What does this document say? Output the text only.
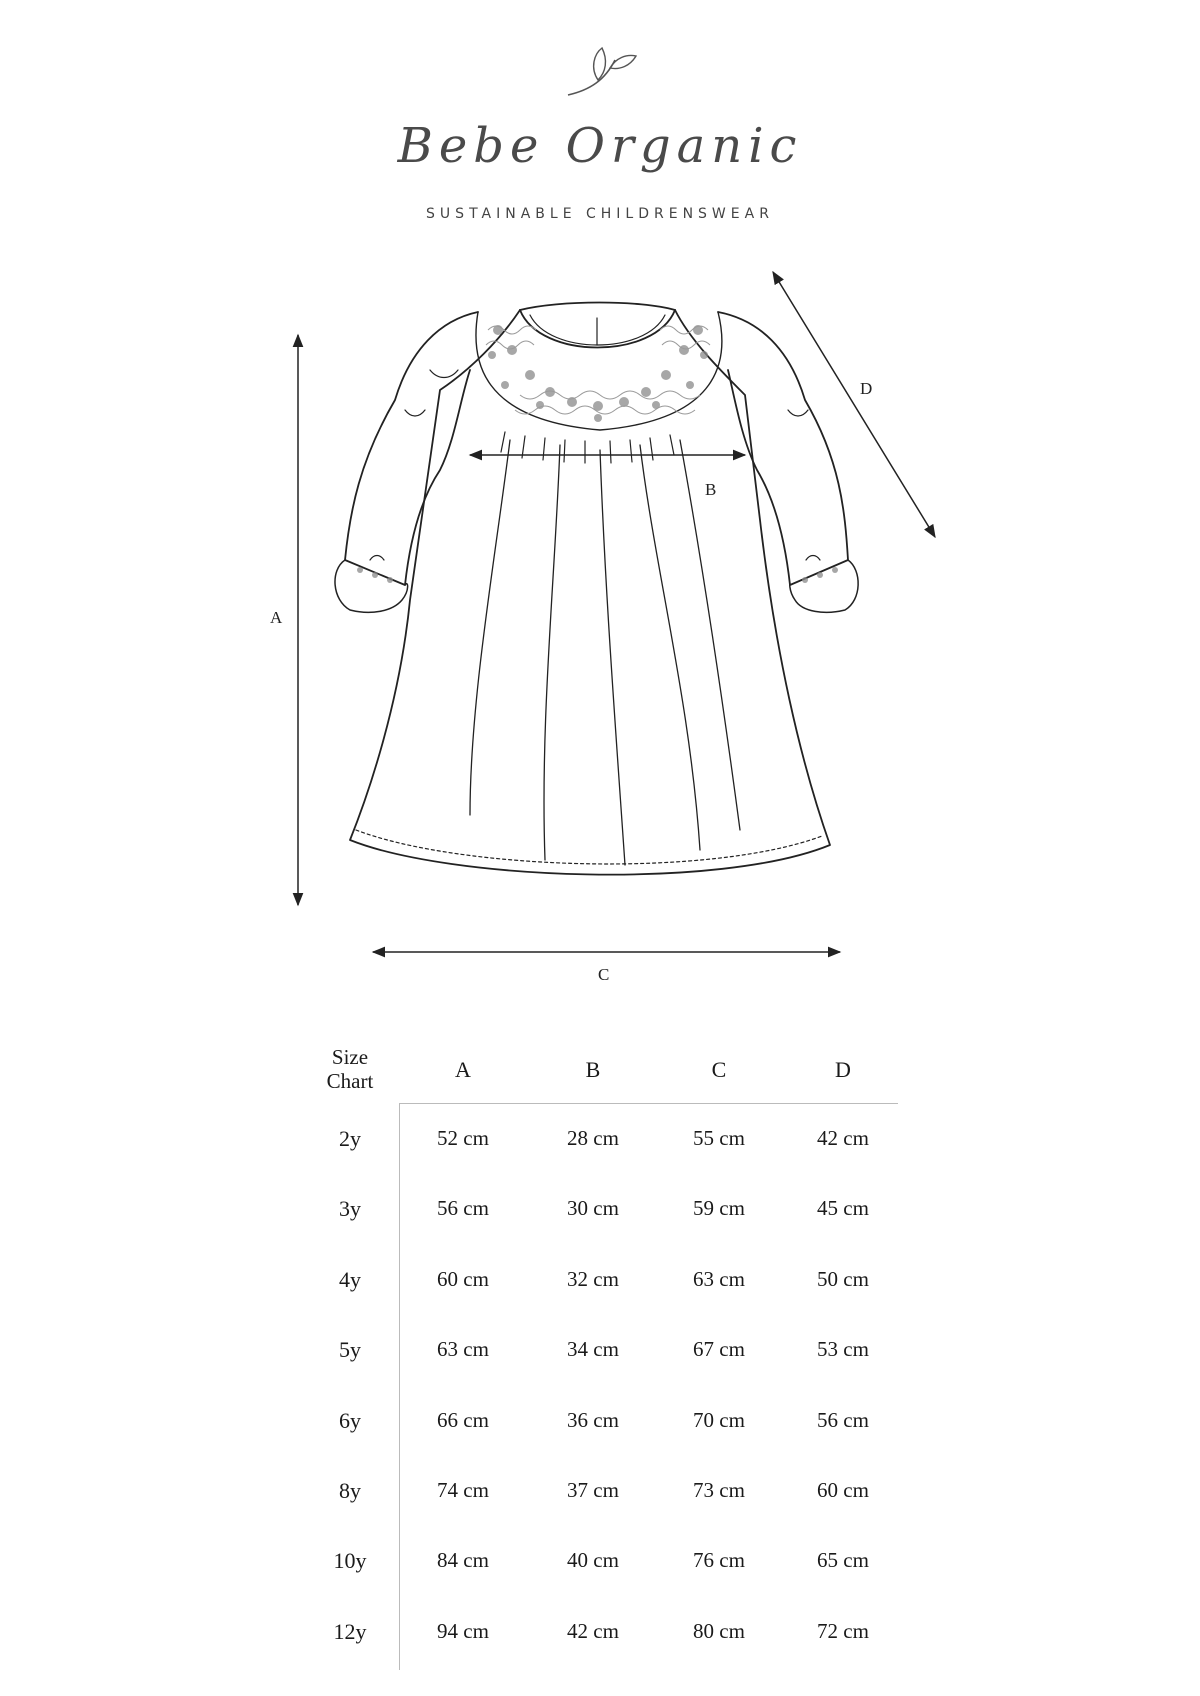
Bebe Organic
SUSTAINABLE CHILDRENSWEAR
A
B
C
D
Size
Chart	A	B	C	D
2y	52 cm	28 cm	55 cm	42 cm
3y	56 cm	30 cm	59 cm	45 cm
4y	60 cm	32 cm	63 cm	50 cm
5y	63 cm	34 cm	67 cm	53 cm
6y	66 cm	36 cm	70 cm	56 cm
8y	74 cm	37 cm	73 cm	60 cm
10y	84 cm	40 cm	76 cm	65 cm
12y	94 cm	42 cm	80 cm	72 cm
